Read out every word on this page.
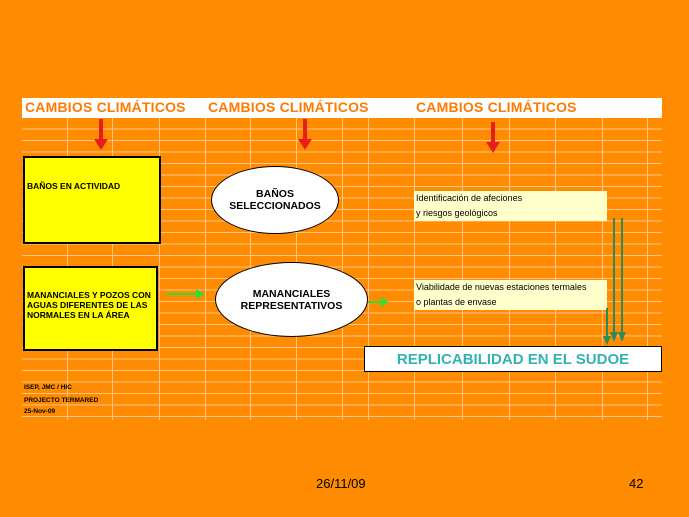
CAMBIOS CLIMÁTICOS CAMBIOS CLIMÁTICOS	CAMBIOS CLIMÁTICOS
BAÑOS EN ACTIVIDAD
MANANCIALES Y POZOS CON AGUAS DIFERENTES DE LAS NORMALES EN LA ÁREA
BAÑOS
SELECCIONADOS
MANANCIALES
REPRESENTATIVOS
Identificación de afeciones
y riesgos geológicos
Viabilidade de nuevas estaciones termales
o plantas de envase
REPLICABILIDAD EN EL SUDOE
ISEP, JMC / HIC
PROJECTO TERMARED
25-Nov-09
26/11/09	42
